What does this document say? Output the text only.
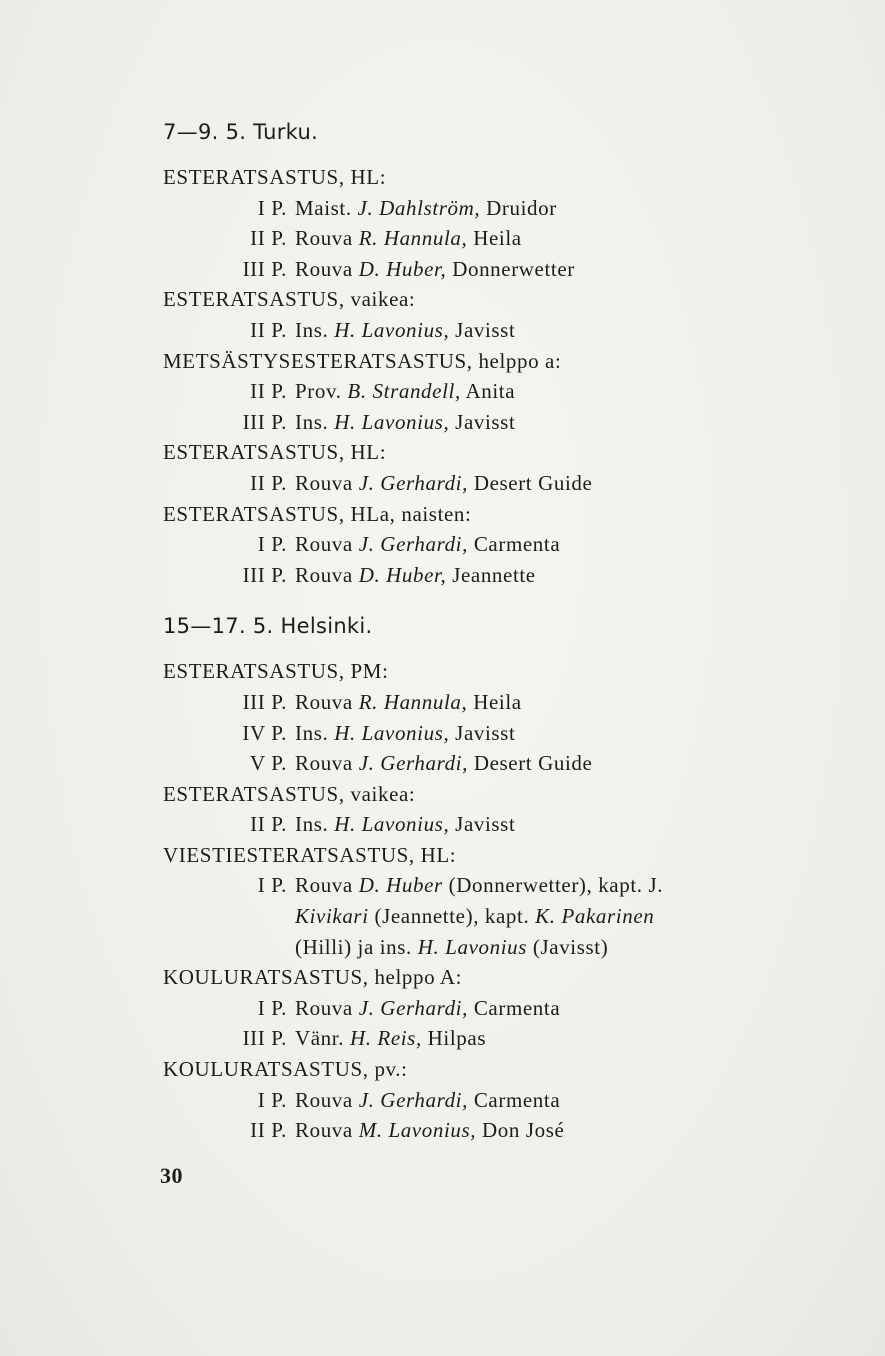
7—9. 5. Turku.
ESTERATSASTUS, HL:
I P. Maist. J. Dahlström, Druidor
II P. Rouva R. Hannula, Heila
III P. Rouva D. Huber, Donnerwetter
ESTERATSASTUS, vaikea:
II P. Ins. H. Lavonius, Javisst
METSÄSTYSESTERATSASTUS, helppo a:
II P. Prov. B. Strandell, Anita
III P. Ins. H. Lavonius, Javisst
ESTERATSASTUS, HL:
II P. Rouva J. Gerhardi, Desert Guide
ESTERATSASTUS, HLa, naisten:
I P. Rouva J. Gerhardi, Carmenta
III P. Rouva D. Huber, Jeannette
15—17. 5. Helsinki.
ESTERATSASTUS, PM:
III P. Rouva R. Hannula, Heila
IV P. Ins. H. Lavonius, Javisst
V P. Rouva J. Gerhardi, Desert Guide
ESTERATSASTUS, vaikea:
II P. Ins. H. Lavonius, Javisst
VIESTIESTERATSASTUS, HL:
I P. Rouva D. Huber (Donnerwetter), kapt. J.
Kivikari (Jeannette), kapt. K. Pakarinen
(Hilli) ja ins. H. Lavonius (Javisst)
KOULURATSASTUS, helppo A:
I P. Rouva J. Gerhardi, Carmenta
III P. Vänr. H. Reis, Hilpas
KOULURATSASTUS, pv.:
I P. Rouva J. Gerhardi, Carmenta
II P. Rouva M. Lavonius, Don José
30
